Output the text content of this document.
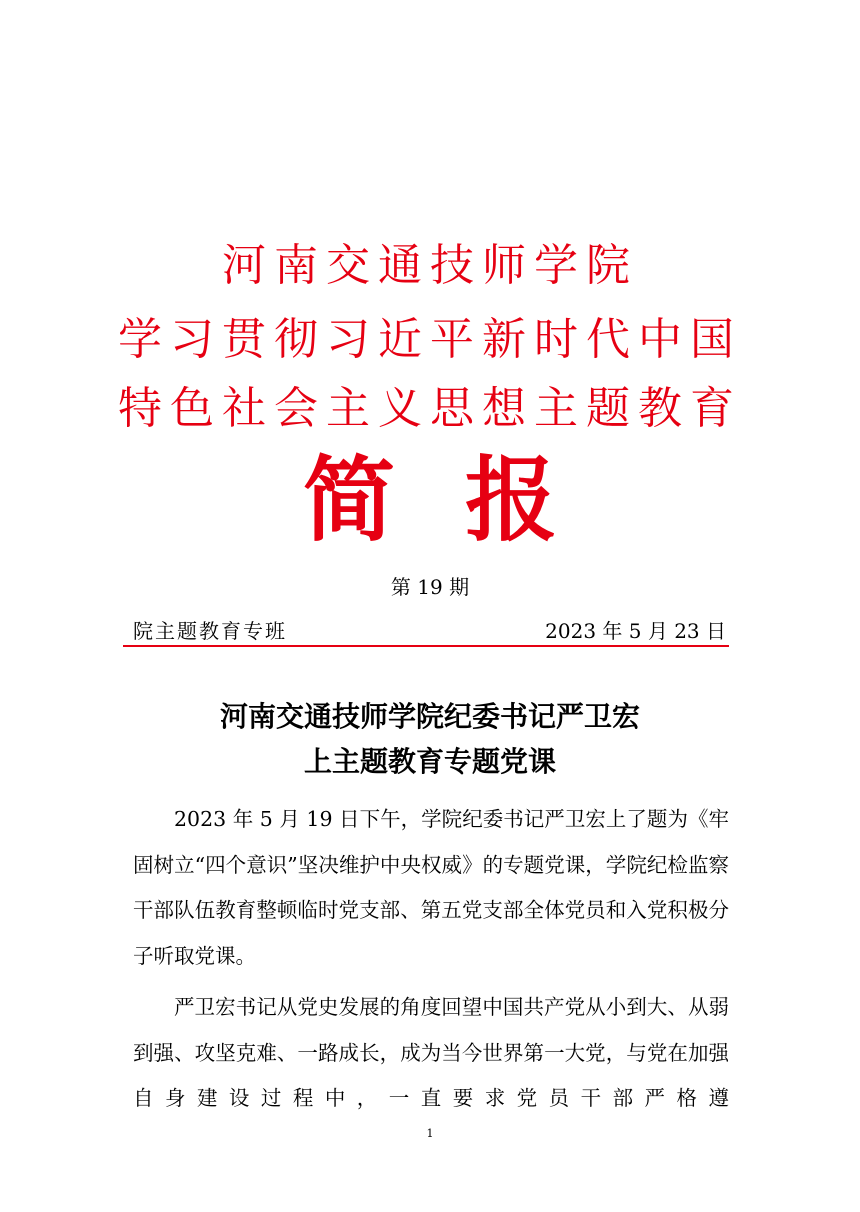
河南交通技师学院
学习贯彻习近平新时代中国
特色社会主义思想主题教育
简 报
第 19 期
院主题教育专班	2023 年 5 月 23 日
河南交通技师学院纪委书记严卫宏
上主题教育专题党课

2023 年 5 月 19 日下午，学院纪委书记严卫宏上了题为《牢固树立“四个意识”坚决维护中央权威》的专题党课，学院纪检监察干部队伍教育整顿临时党支部、第五党支部全体党员和入党积极分子听取党课。

严卫宏书记从党史发展的角度回望中国共产党从小到大、从弱到强、攻坚克难、一路成长，成为当今世界第一大党，与党在加强自身建设过程中，一直要求党员干部严格遵

1
